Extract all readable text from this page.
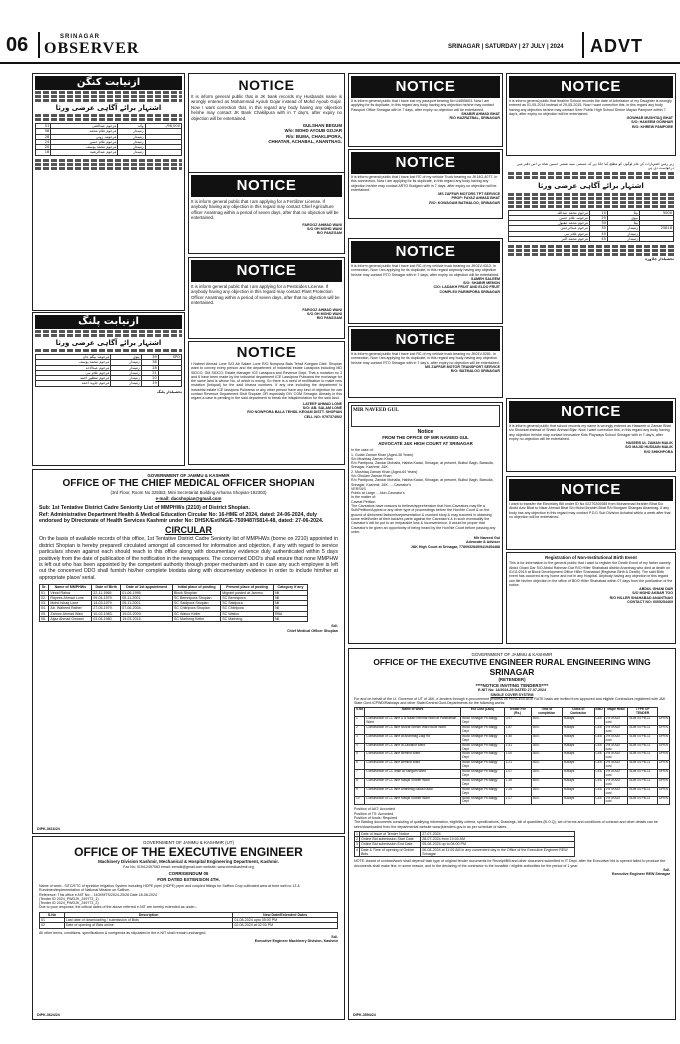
06	SRINAGAR
OBSERVER	SRINAGAR | SATURDAY | 27 JULY | 2024 ADVT
ازنیابت کنگن
اشتہار برائے آگاہی عرضی ورثا
96,000/-	والد	مرحوم عبدالغنی	51
	زمیندار	مرحوم غلام محمد	58
	زمیندار	مرحومہ زونی	28
	زمیندار	مرحوم غلام حسن	24
	زمیندار	مرحوم محمد یوسف	20
	زمیندار	مرحوم عبدالرشید	18
ازنیابت پلنگ
اشتہار برائے آگاہی عرضی ورثا
SPO	39	بیوی	مرحومہ بیگم جان
	38	زمیندار	مرحوم محمد یوسف
	28	زمیندار	مرحوم عبدالاحد
	21	زمیندار	مرحوم غلام نبی
	20	زمیندار	مرحوم منظور احمد
	19	زمیندار	مرحوم جاوید احمد
تحصیلدار پلنگ
NOTICE
It is inform general public that in JK bank records my Husbands name is wrongly entered as Mohammad Ayoub Gojar instead of Mohd Ayoub Gojar. Now I want correction that, in this regard any body having any objection he/she may contact JK Bank Chakilpura with in 7 day's, after expiry no objection will be entertained.
GULSHAN BEGUM
W/o: MOHD AYOUB GOJAR
R/o: BUMA, CHAKLIPORA,
CHHATAR, ACHABAL, ANANTNAG.
NOTICE
It is inform general public that I am applying for a Fertilizer License. If anybody having any objection in this regard may contact Chief Agriculture officer Anantnag within a period of seven days, after that no objection will be entertained.
FAROOZ AHMAD WANI
S/O GH MOHD WANI
R/O PANZGAM
NOTICE
It is inform general public that I am applying for a Pesticides License. If anybody having any objection in this regard may contact Plant Protection Officer Anantnag within a period of seven days, after that no objection will be entertained.
FAROOZ AHMAD WANI
S/O GH MOHD WANI
R/O PANZGAM
NOTICE
I Nabeel Ahmad Lone S/O Ab Salam Lone R/O Nowpora Bala Tehsil Koegam Distt. Shopian want to convey every person and the department of industrial estate Lassipora including MD SIDCO, GM SIDCO, Estate Manager ICE Lassipora and Revenue Dept. That a mutation no 3 and 6 have been made by the industrial department ICE Lassipora Pulwama the exchange for the same land is whose No. of which is wrong. So there is a need of rectification to make new mutation (Intiqual) for the said khasra numbers. If any one including the department is industrial estate ICE lassipora Pulwama or any other person have any kind of objection he can contact Revenue Department Distt Shopian OR especially DIV COM Srinagar. Already in this regard a case is pending in the said department to break the intiqal/mutation for the said land.
LATEEF AHMAD LONE
S/O: AB. SALAM LONE
R/O NOWPORA BALA TEHSIL KEGAM DISTT. SHOPIAN
CELL NO: 9797374902
NOTICE
It is inform general public that I have lost my passport bearing No U4855603. Now I am applying for its duplicate, in this regard any body having any objection he/she may contact Passport Office Srinagar with in 7 days, after expiry no objection will be entertained.
SHABIR AHMAD BHAT
R/O HAZRATBAL, SRINAGAR
NOTICE
It is inform general public that I have lost RC of my vehicle Truck bearing no JK14G-4077. In this connection, Now I am applying for its duplicate, in this regard any body having any objection he/she may contact ARTO Budgam with in 7 days, after expiry no objection will be entertained.
MS ZAFFAR MOTORS TPT SERVICE
PROP: FAYAZ AHMAD BHAT
R/O: KOWAGAM BATMALOO, SRINAGAR
NOTICE
It is inform general public that I have lost RC of my vehicle truck bearing no JK01V-4313. In connection, Now I am applying for its duplicate, in this regard anybody having any objection he/she may contact RTO Srinagar with in 7 days, after expiry no objection will be entertained.
SAMEH SALEEM
S/O: SHABIR MEMON
C/O: LADAKH FRUIT AND ELDO FRUIT
COMPLEX PARIMPORA SRINAGAR
NOTICE
It is inform general public that I have lost RC of my vehicle truck bearing no JK01V-5281. In connection, Now I am applying for its duplicate, in this regard any body having any objection he/she may contact RTO Srinagar with in 7 day's, after expiry no objection will be entertained.
MS ZAFFAR MOTOR TRANSPORT SERVICE
R/O: BATMALOO SRINAGAR
MIR NAVEED GUL
Notice
FROM THE OFFICE OF MIR NAVEED GUL
ADVOCATE J&K HIGH COURT AT SRINAGAR
In the case of:
1. Gulab Zaman Khan (Aged-36 Years)
S/o Mushtaq Zaman Khan
R/o Pantipora, Zandar Mohalla, Habba Kadal, Srinagar, at present, Bulbul Bagh, Baraulla, Srinagar, Kashmir, J&K.
2. Mushtaq Zaman Khan (Aged-64 Years)
S/o Ghulam Zaman Khan
R/o Pantipora, Zandar Mohalla, Habba Kadal, Srinagar, at present, Bulbul Bagh, Barsulla, Srinagar, Kashmir, J&K. ....Caveator's
VERSUS
Public at Large ....Non-Caveator's
In the matter of:
Caveat Petition
The Caveators have reasons to believe/apprehension that Non-Caveators may file a Suit/Petition/Appeal or any other type of proceedings before the Hon'ble Court & on the ground of dishonest facts/misrepresentation & crooked story & may succeed in obtaining some relief/order at their back/ex-parte against the Caveator's & in such eventuality the Caveator's will be put to an irreparable loss & inconvenience. It would be proper that Caveator's be given an opportunity of being heard by the Hon'ble Court before passing any order.
Mir Naveed Gul
Advocate & Advisor
J&K High Court at Srinagar, 7780932845/9419454488
NOTICE
It is inform general public that Ibrahim School records the date of Admission of my Daughter is wrongly entered as 01-05-2014 instead of 29-05-2015. Now I want correction this, in this regard any body having any objection he/she may contact Seer Public High School Shrine Mayan Pampore within 7 day's, after expiry no objection will be entertained.
GOWHAR MUSHTAQ BHAT
S/O: HAKEEM GOWHAR
R/O: KHREW PAMPORE
زیر زمین اشتہارات کے عام لوگوں کو مطلع کیا جاتا ہے کہ مسمی سید ضمیر حسین شاہ نے اس دفتر میں درخواست دی ہے
اشتہار برائے آگاہی عرضی ورثا
5000	بیٹا	10	مرحوم محمد عبداللہ
	بیوی	25	مرحومہ غلام حسن
	بیٹا	30	مرحوم محمد مقبول
25818	زمیندار	35	مرحوم عبدالرحمن
	زمیندار	40	مرحوم غلام نبی
	زمیندار	45	مرحوم محمد اکبر
تحصیلدار چاڈورہ
NOTICE
It is inform general public that school records my name is wrongly entered as Hasseeb ul Zaman Bhat s/o Showkat instead of Shakir Ahmad Bijar. Now I want correction this, in this regard any body having any objection he/she may contact Innovative Kids Playways School Srinagar with in 7 day's, after expiry no objection will be entertained.
HASEEB UL ZAMAN MALIK
S/O MAJID HUSSAIN MALIK
R/O SHIKHPORA
NOTICE
I want to transfer the Electricity Bill under ID No 02270200085 from Mohammad Ibrahim Bhat S/o Abdul Aziz Bhat to Nisar Ahmad Bhat S/o Mohd Ibrahim Bhat R/o Bongam Shangas Anantnag. If any body has any objection in this regard may contact P.D.D Sub Division Achabal within a week after that no objection will be entertained.
Registration of Non-Institutional Birth Event
This is for information to the general public that I want to register the Death Event of my father namely Abdul Ghani Dar S/O Abdul Rahman Dar R/O Hiller Shahabad district Anantnag who died at death on 01/11/2019 at Block Development Office Hiller Shahabad (Registrar Birth & Death). The said Birth event has occurred at my home and not in any Hospital. Anybody having any objection in this regard can file his/her objection in the office of BDO Hiller Shahabad within 07 days from the publication of the notice.
ABDUL GHANI DAR
S/O MOHD AKBAR TOO
R/O HILLER SHAHABAD ANANTNAG
CONTACT NO: 6005254469
GOVERNMENT OF JAMMU & KASHMIR
OFFICE OF THE CHIEF MEDICAL OFFICER SHOPIAN
(3rd Floor, Room No 325/B3, Mini Secretariat Building Arhama Shopian-192303)
e-mail: dacshopian@gmail.com
Sub: 1st Tentative District Cadre Seniority List of MMPHWs (2210) of District Shopian.
Ref: Administrative Department Health & Medical Education Circular No: 16-HME of 2024, dated: 24-06-2024, duly endorsed by Directorate of Health Services Kashmir under No: DHSK/Est/NG/E-7509487/5814-48, dated: 27-06-2024.
CIRCULAR
On the basis of available records of this office, 1st Tentative District Cadre Seniority list of MMPHWs (borne on 2210) appointed in district Shopian is hereby prepared/ circulated amongst all concerned for information and objection, if any with regard to service particulars shown against each should reach to this office along with documentary evidence duly authenticated within 5 days positively from the date of publication of the notification in the newspapers. The concerned DDO's shall ensure that none MMPHW is left out who has been appointed by the competent authority through proper mechanism and in case any such employee is left out the concerned DDO shall furnish his/her complete biodata along with documentary evidence in order to include him/her at appropriate place/ serial.
Sr.	Name of MMPHWs	Date of Birth	Date of 1st appointment	Initial place of posting	Present place of posting	Category if any
01.	Vinod Raina	22-11-1969.	01-06-1995.	Block Shopian	Migrant posted at Jammu	Nil
02.	Rayees Ahmad Lone	09-04-1979.	05-11-2001.	SC Bemnipora Shopian	SC Bemnipora	Nil
03.	Mohd Ishaq Lone	14-03-1979.	05-11-2001.	SC Saidpora Shopian	SC Saidpora	Nil
04.	Ab. Waheed Rather	27-05-1979.	07-06-2004.	SC Chitripora Shopian	SC Chitripora	Nil
05.	Zahoor Ahmad Wani	10-02-1983.	19-03-2009.	SC Watoo Keller	SC Watloo	RBA
06.	Aijaz Ahmad Gewani	03-04-1980.	19-03-2015.	SC Marheng Keller	SC Marheng	Nil
Sd/-
Chief Medical Officer Shopian
DIPK-3616/24
GOVERNMENT OF JAMMU & KASHMIR (UT)
OFFICE OF THE EXECUTIVE ENGINEER
Machinery Division Kashmir, Mechanical & Hospital Engineering Department, Kashmir.
Fax No: 0194-2497083 email: eemdk@gmail.com website: www.mhedkashmir.org
CORRIGENDUM 05
FOR DATED EXTENSION 4TH.
Name of work:- SITC/ETC of sprinkler irrigation System including HDPE pipe/ (HDPE) pipe/ and coupled fittings for Saffron Crop cultivated area at bore well no 13 & Rundmen/implementation of National Mission on Saffron.
Reference: This office e-NIT No: - 14Of/MTS/2024-25/26 Date 18-06-2024
(Tender ID 2024_PWDJK_249773_1)
(Tender ID 2024_PWDJK_249773_2)
Due to poor response, the critical dates of the above referred e-NIT are hereby extended as under:-
S.No	Description	New Date/Extended Dates
01	Last date of downloading / submission of Bids	01-08-2024 upto 05:00 PM
02	Date of opening of Bids online	02-08-2024 at 02:00 PM
All other terms, conditions, specifications & corrigenda as stipulated in the e-NIT shall remain unchanged.
Sd/-
Executive Engineer Machinery Division, Kashmir
DIPK-3624/24
GOVERNMENT OF JAMMU & KASHMIR
OFFICE OF THE EXECUTIVE ENGINEER RURAL ENGINEERING WING SRINAGAR
(RETENDER)
****NOTICE INVITING TENDERS****
E-NIT No: 14/2024-25 DATED 27-07-2024
SINGLE COVER SYSTEM
For and on behalf of the Lt. Governor of UT of J&K, e-tenders through e-procurement process on PERCENTAGE RATE basis are invited from approved and eligible Contractors registered with J&K State Govt./CPWD/Railways and other State/Central Govt.Departments for the following works:
S.No	Name of Work	Est Cost (Lacs)	Tender Fee (Rs.)	Time of completion	Class of Contractor	EMD	Major Head	TYPE OF TENDER	
1	Construction of CC lane & B Nalah Rehmat Wani at Pandrathan Ward	Block Srinagar Pb Ballgy Dept	0.97	300/-	90days	CEE	2% of AAT cost	SDM 04 PB-11	OPEN
2	Construction of CC lane Nusrat Sheikh Ward Bulle Ward	Block Srinagar Pb Ballgy Dept	1.87	500/-	90days	CEE	2% of AAT cost	SDM 04 PB-11	OPEN
3	Construction of CC lane at Anantnag Zaqi Rd	Block Srinagar Pb Ballgy Dept	1.50	300/-	90days	CEE	2% of AAT cost	SDM 04 PB-11	OPEN
4	Construction of CC lane at Zainakot Ward	Block Srinagar Pb Ballgy Dept	1.41	300/-	90days	CEE	2% of AAT cost	SDM 04 PB-11	OPEN
5	Construction of CC lane Bemina Ward	Block Srinagar Pb Ballgy Dept	1.00	300/-	90days	CEE	2% of AAT cost	SDM 04 PB-11	OPEN
6	Construction of CC lane Bemina Ward	Block Srinagar Pb Ballgy Dept	1.21	300/-	90days	CEE	2% of AAT cost	SDM 04 PB-11	OPEN
7	Construction of CC drain at Sangam Ward	Block Srinagar Pb Ballgy Dept	1.07	300/-	90days	CEE	2% of AAT cost	SDM 04 PB-11	OPEN
8	Construction of CC lane Masjid Sharief Ward	Block Srinagar Pb Ballgy Dept	1.39	500/-	90days	CEE	2% of AAT cost	SDM 04 PB-11	OPEN
9	Construction of CC lane Anantnag Saida Kadal	Block Srinagar Pb Ballgy Dept	1.25	300/-	90days	CEE	2% of AAT cost	SDM 04 PB-11	OPEN
10	Construction of CC lane Masjid Sharief Ward	Block Srinagar Pb Ballgy Dept	1.07	300/-	90days	CEE	2% of AAT cost	SDM 04 PB-11	OPEN
Position of AAT: Accorded
Position of TS: Accorded
Position of funds: Required
The Bidding documents consisting of qualifying information, eligibility criteria, specifications, Drawings, bill of quantities (B.O.Q), set of terms and conditions of contract and other details can be seen/downloaded from the departmental website www.jktenders.gov.in as per schedule of dates.
1	Date of Issue of Tender Notice	27-07-2024
2	Online Bid submission Start Date	28-07-2024 from 10:00 AM
3	Online Bid submission End Date	05-08-2024 up to 04:00 PM
4	Date & Time of opening of Online Bids	06-08-2024 at 11:00 AM in any convenient day in the Office of the Executive Engineer REW Srinagar
NOTE: Award of contract/work shall depend/ task type of original tender documents for Receipt/Bill and other document submitted in IT Dept. after the Executive/ bid is opened failed to produce the documents shall make fine, in some reason, and to the declaring of the contractor to the bonafide / eligible authorities for the period of 1 year.
Sd/-
Executive Engineer REW Srinagar
DIPK-3594/24
